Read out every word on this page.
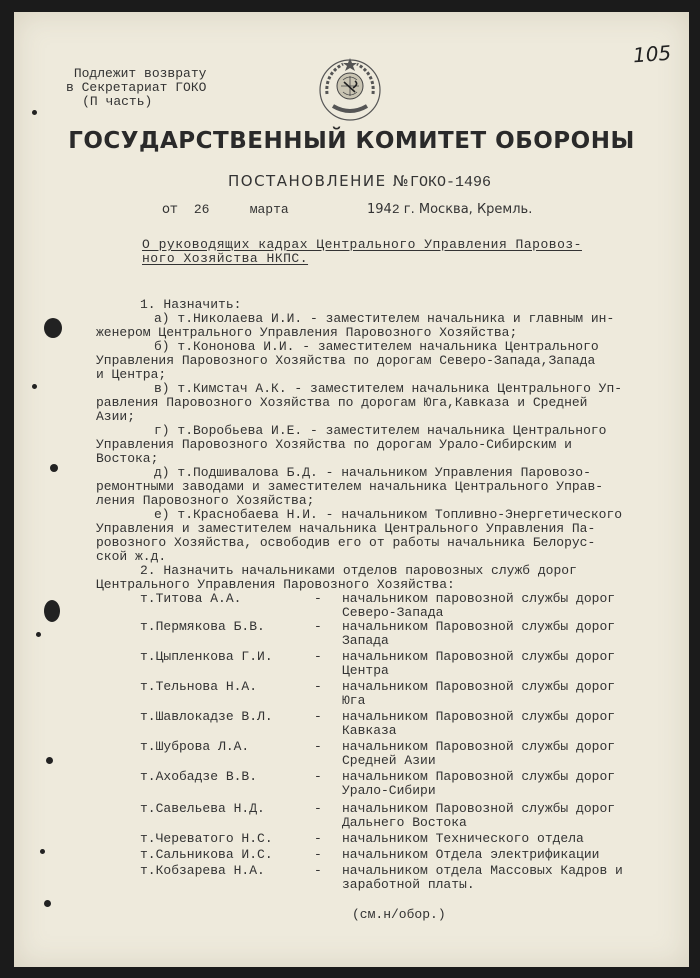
105
Подлежит возврату
в Секретариат ГОКО
(П часть)
ГОСУДАРСТВЕННЫЙ КОМИТЕТ ОБОРОНЫ
ПОСТАНОВЛЕНИЕ №ГОКО-1496
от 26	марта	1942 г. Москва, Кремль.
О руководящих кадрах Центрального Управления Паровоз-
ного Хозяйства НКПС.
1. Назначить:
а) т.Николаева И.И. - заместителем начальника и главным ин-
женером Центрального Управления Паровозного Хозяйства;
б) т.Кононова И.И. - заместителем начальника Центрального
Управления Паровозного Хозяйства по дорогам Северо-Запада,Запада
и Центра;
в) т.Кимстач А.К. - заместителем начальника Центрального Уп-
равления Паровозного Хозяйства по дорогам Юга,Кавказа и Средней
Азии;
г) т.Воробьева И.Е. - заместителем начальника Центрального
Управления Паровозного Хозяйства по дорогам Урало-Сибирским и
Востока;
д) т.Подшивалова Б.Д. - начальником Управления Паровозо-
ремонтными заводами и заместителем начальника Центрального Управ-
ления Паровозного Хозяйства;
е) т.Краснобаева Н.И. - начальником Топливно-Энергетического
Управления и заместителем начальника Центрального Управления Па-
ровозного Хозяйства, освободив его от работы начальника Белорус-
ской ж.д.
2. Назначить начальниками отделов паровозных служб дорог
Центрального Управления Паровозного Хозяйства:
т.Титова А.А.	- начальником паровозной службы дорог
Северо-Запада
т.Пермякова Б.В.	- начальником Паровозной службы дорог
Запада
т.Цыпленкова Г.И.	- начальником Паровозной службы дорог
Центра
т.Тельнова Н.А.	- начальником Паровозной службы дорог
Юга
т.Шавлокадзе В.Л.	- начальником Паровозной службы дорог
Кавказа
т.Шуброва Л.А.	- начальником Паровозной службы дорог
Средней Азии
т.Ахобадзе В.В.	- начальником Паровозной службы дорог
Урало-Сибири
т.Савельева Н.Д.	- начальником Паровозной службы дорог
Дальнего Востока
т.Череватого Н.С.	- начальником Технического отдела
т.Сальникова И.С.	- начальником Отдела электрификации
т.Кобзарева Н.А.	- начальником отдела Массовых Кадров и
заработной платы.
(см.н/обор.)
